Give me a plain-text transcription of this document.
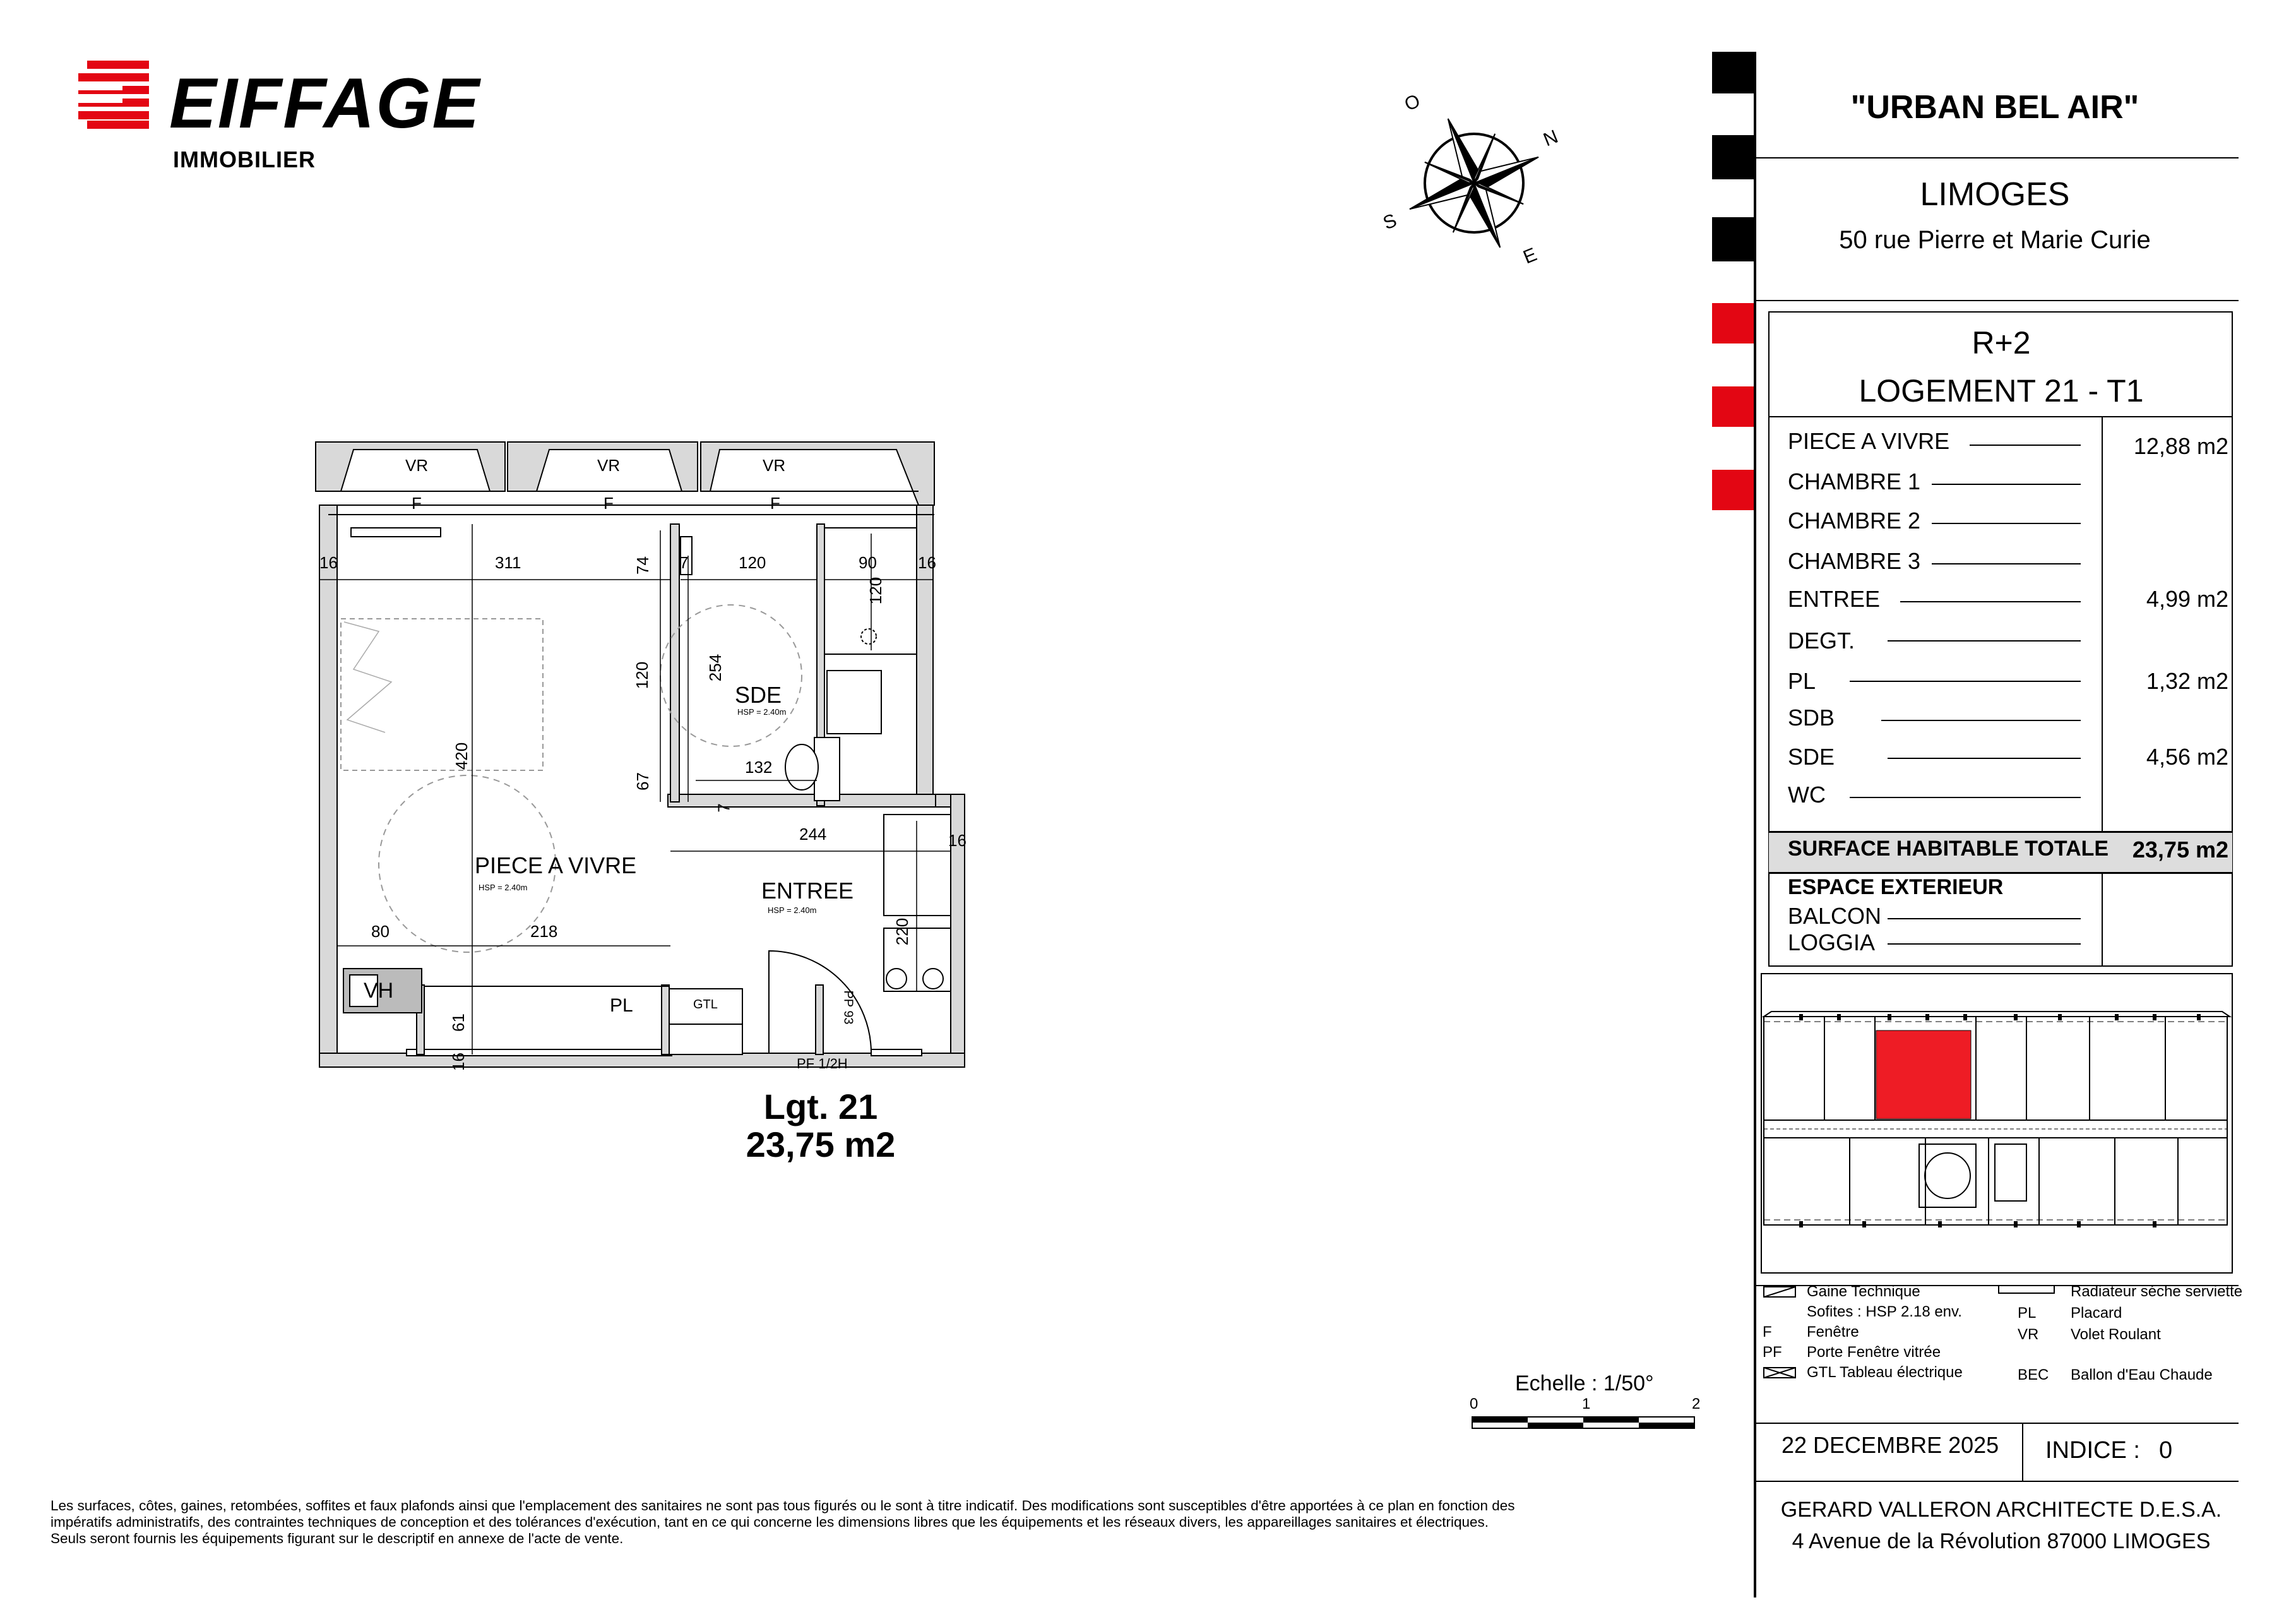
EIFFAGE
IMMOBILIER
O
N
S
E
VR	VR	VR
F	F	F
16	311	74 7	120	90	16
120
120	254
420
67
132
7
244	16
80	218	220
61
16
PP 93
PF 1/2H
SDE
HSP = 2.40m
PIECE A VIVRE
HSP = 2.40m	ENTREE
HSP = 2.40m
PL	GTL
VH
Lgt. 21
23,75 m2
Echelle : 1/50°
0	1	2
Les surfaces, côtes, gaines, retombées, soffites et faux plafonds ainsi que l'emplacement des sanitaires ne sont pas tous figurés ou le sont à titre indicatif. Des modifications sont susceptibles d'être apportées à ce plan en fonction des
impératifs administratifs, des contraintes techniques de conception et des tolérances d'exécution, tant en ce qui concerne les dimensions libres que les équipements et les réseaux divers, les appareillages sanitaires et électriques.
Seuls seront fournis les équipements figurant sur le descriptif en annexe de l'acte de vente.
"URBAN BEL AIR"
LIMOGES
50 rue Pierre et Marie Curie
R+2
LOGEMENT 21 - T1
PIECE A VIVRE	12,88 m2
CHAMBRE 1
CHAMBRE 2
CHAMBRE 3
ENTREE	4,99 m2
DEGT.
PL	1,32 m2
SDB
SDE	4,56 m2
WC
SURFACE HABITABLE TOTALE	23,75 m2
ESPACE EXTERIEUR
BALCON
LOGGIA
Gaine Technique
Sofites : HSP 2.18 env.
F Fenêtre
PF Porte Fenêtre vitrée
GTL Tableau électrique
Radiateur séche serviette
PL Placard
VR Volet Roulant
BEC Ballon d'Eau Chaude
22 DECEMBRE 2025 INDICE : 0
GERARD VALLERON ARCHITECTE D.E.S.A.
4 Avenue de la Révolution 87000 LIMOGES
